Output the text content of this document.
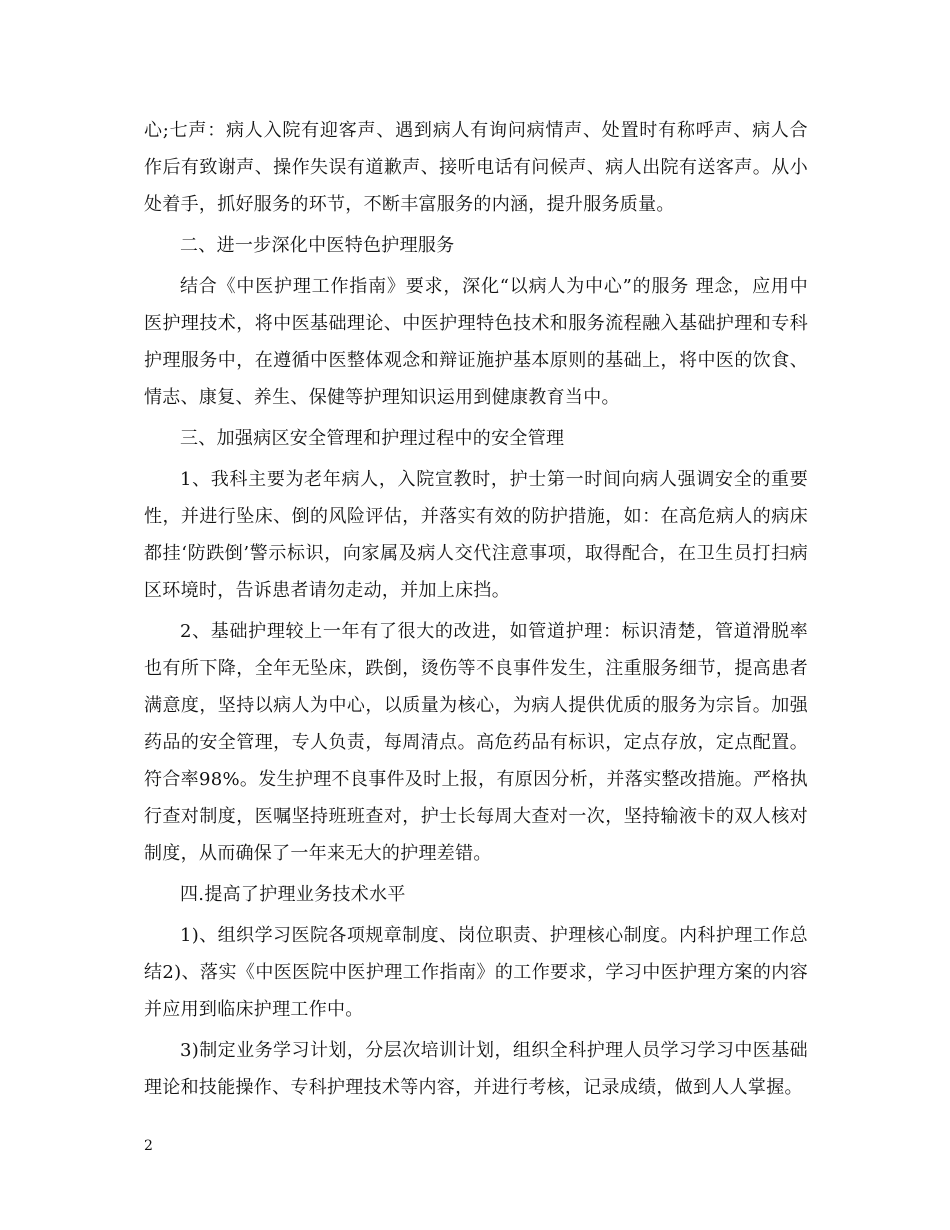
心;七声：病人入院有迎客声、遇到病人有询问病情声、处置时有称呼声、病人合作后有致谢声、操作失误有道歉声、接听电话有问候声、病人出院有送客声。从小处着手，抓好服务的环节，不断丰富服务的内涵，提升服务质量。

二、进一步深化中医特色护理服务

结合《中医护理工作指南》要求，深化“以病人为中心”的服务 理念，应用中医护理技术，将中医基础理论、中医护理特色技术和服务流程融入基础护理和专科护理服务中，在遵循中医整体观念和辩证施护基本原则的基础上，将中医的饮食、情志、康复、养生、保健等护理知识运用到健康教育当中。

三、加强病区安全管理和护理过程中的安全管理

1、我科主要为老年病人，入院宣教时，护士第一时间向病人强调安全的重要性，并进行坠床、倒的风险评估，并落实有效的防护措施，如：在高危病人的病床都挂‘防跌倒’警示标识，向家属及病人交代注意事项，取得配合，在卫生员打扫病区环境时，告诉患者请勿走动，并加上床挡。

2、基础护理较上一年有了很大的改进，如管道护理：标识清楚，管道滑脱率也有所下降，全年无坠床，跌倒，烫伤等不良事件发生，注重服务细节，提高患者满意度，坚持以病人为中心，以质量为核心，为病人提供优质的服务为宗旨。加强药品的安全管理，专人负责，每周清点。高危药品有标识，定点存放，定点配置。符合率98%。发生护理不良事件及时上报，有原因分析，并落实整改措施。严格执行查对制度，医嘱坚持班班查对，护士长每周大查对一次，坚持输液卡的双人核对制度，从而确保了一年来无大的护理差错。

四.提高了护理业务技术水平

1)、组织学习医院各项规章制度、岗位职责、护理核心制度。内科护理工作总结2)、落实《中医医院中医护理工作指南》的工作要求，学习中医护理方案的内容并应用到临床护理工作中。

3)制定业务学习计划，分层次培训计划，组织全科护理人员学习学习中医基础理论和技能操作、专科护理技术等内容，并进行考核，记录成绩，做到人人掌握。

2
